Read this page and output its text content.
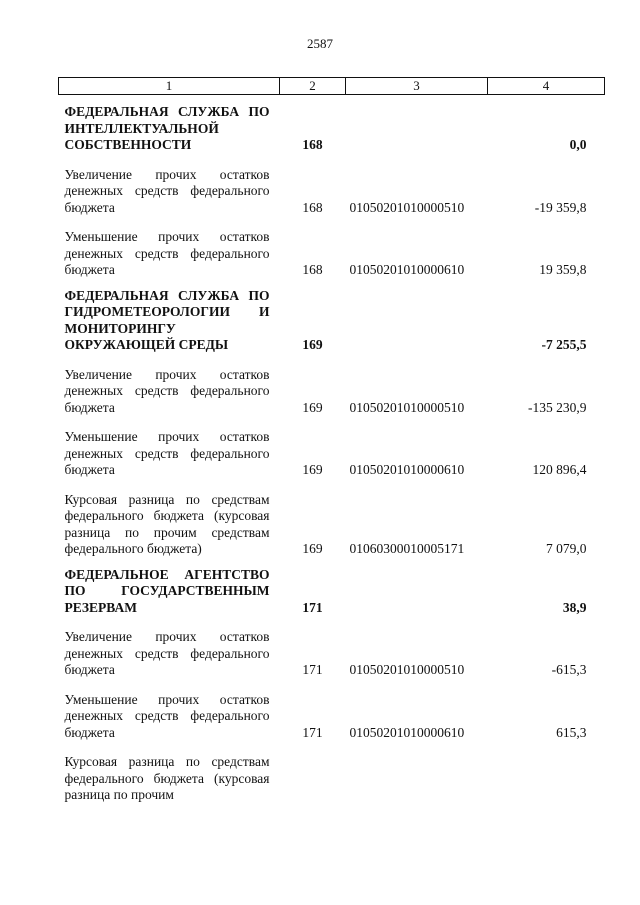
2587
1	2	3	4
ФЕДЕРАЛЬНАЯ СЛУЖБА ПО ИНТЕЛЛЕКТУАЛЬНОЙ СОБСТВЕННОСТИ	168		0,0
Увеличение прочих остатков денежных средств федерального бюджета	168	01050201010000510	-19 359,8
Уменьшение прочих остатков денежных средств федерального бюджета	168	01050201010000610	19 359,8
ФЕДЕРАЛЬНАЯ СЛУЖБА ПО ГИДРОМЕТЕОРОЛОГИИ И МОНИТОРИНГУ ОКРУЖАЮЩЕЙ СРЕДЫ	169		-7 255,5
Увеличение прочих остатков денежных средств федерального бюджета	169	01050201010000510	-135 230,9
Уменьшение прочих остатков денежных средств федерального бюджета	169	01050201010000610	120 896,4
Курсовая разница по средствам федерального бюджета (курсовая разница по прочим средствам федерального бюджета)	169	01060300010005171	7 079,0
ФЕДЕРАЛЬНОЕ АГЕНТСТВО ПО ГОСУДАРСТВЕННЫМ РЕЗЕРВАМ	171		38,9
Увеличение прочих остатков денежных средств федерального бюджета	171	01050201010000510	-615,3
Уменьшение прочих остатков денежных средств федерального бюджета	171	01050201010000610	615,3
Курсовая разница по средствам федерального бюджета (курсовая разница по прочим			
